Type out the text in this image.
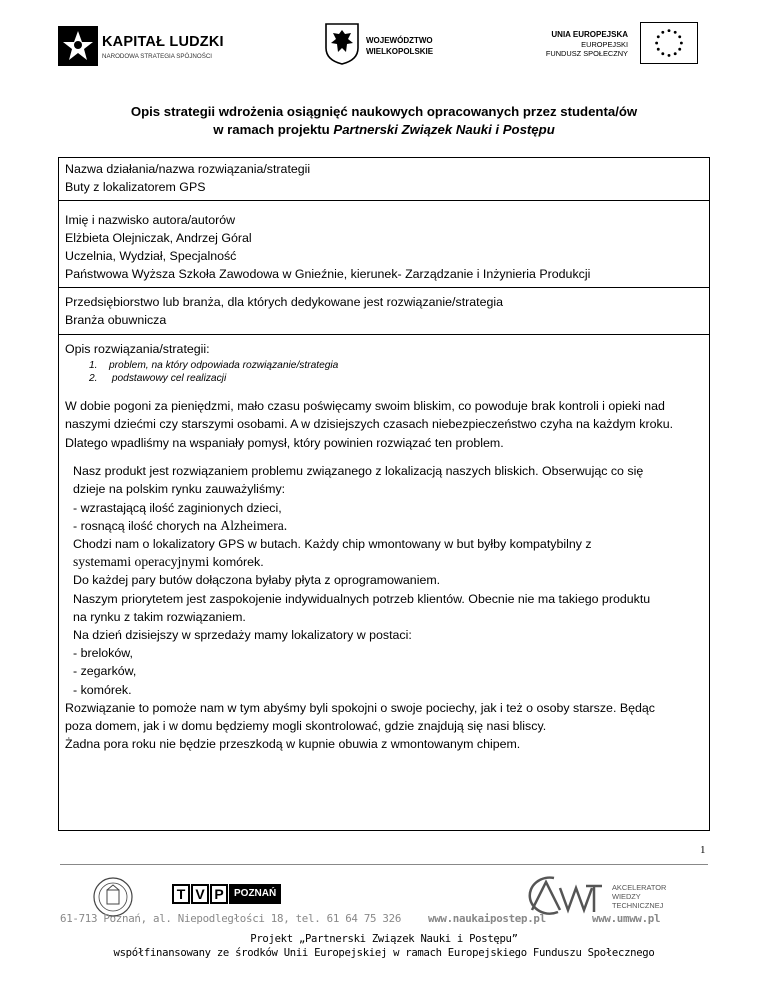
KAPITAŁ LUDZKI
NARODOWA STRATEGIA SPÓJNOŚCI
WOJEWÓDZTWO
WIELKOPOLSKIE
UNIA EUROPEJSKA
EUROPEJSKI
FUNDUSZ SPOŁECZNY
Opis strategii wdrożenia osiągnięć naukowych opracowanych przez studenta/ów
w ramach projektu Partnerski Związek Nauki i Postępu
Nazwa działania/nazwa rozwiązania/strategii
Buty z lokalizatorem GPS
Imię i nazwisko autora/autorów
Elżbieta Olejniczak, Andrzej Góral
Uczelnia, Wydział, Specjalność
Państwowa Wyższa Szkoła Zawodowa w Gnieźnie, kierunek- Zarządzanie i Inżynieria Produkcji
Przedsiębiorstwo lub branża, dla których dedykowane jest rozwiązanie/strategia
Branża obuwnicza
Opis rozwiązania/strategii:
1. problem, na który odpowiada rozwiązanie/strategia
2. podstawowy cel realizacji
W dobie pogoni za pieniędzmi, mało czasu poświęcamy swoim bliskim, co powoduje brak kontroli i opieki nad
naszymi dziećmi czy starszymi osobami. A w dzisiejszych czasach niebezpieczeństwo czyha na każdym kroku.
Dlatego wpadliśmy na wspaniały pomysł, który powinien rozwiązać ten problem.
Nasz produkt jest rozwiązaniem problemu związanego z lokalizacją naszych bliskich. Obserwując co się
dzieje na polskim rynku zauważyliśmy:
- wzrastającą ilość zaginionych dzieci,
- rosnącą ilość chorych na Alzheimera.
Chodzi nam o lokalizatory GPS w butach. Każdy chip wmontowany w but byłby kompatybilny z
systemami operacyjnymi komórek.
Do każdej pary butów dołączona byłaby płyta z oprogramowaniem.
Naszym priorytetem jest zaspokojenie indywidualnych potrzeb klientów. Obecnie nie ma takiego produktu
na rynku z takim rozwiązaniem.
Na dzień dzisiejszy w sprzedaży mamy lokalizatory w postaci:
- breloków,
- zegarków,
- komórek.
Rozwiązanie to pomoże nam w tym abyśmy byli spokojni o swoje pociechy, jak i też o osoby starsze. Będąc
poza domem, jak i w domu będziemy mogli skontrolować, gdzie znajdują się nasi bliscy.
Żadna pora roku nie będzie przeszkodą w kupnie obuwia z wmontowanym chipem.
1
T V P POZNAŃ
AKCELERATOR
WIEDZY
TECHNICZNEJ
61-713 Poznań, al. Niepodległości 18, tel. 61 64 75 326 www.naukaipostep.pl	www.umww.pl
Projekt „Partnerski Związek Nauki i Postępu”
współfinansowany ze środków Unii Europejskiej w ramach Europejskiego Funduszu Społecznego
